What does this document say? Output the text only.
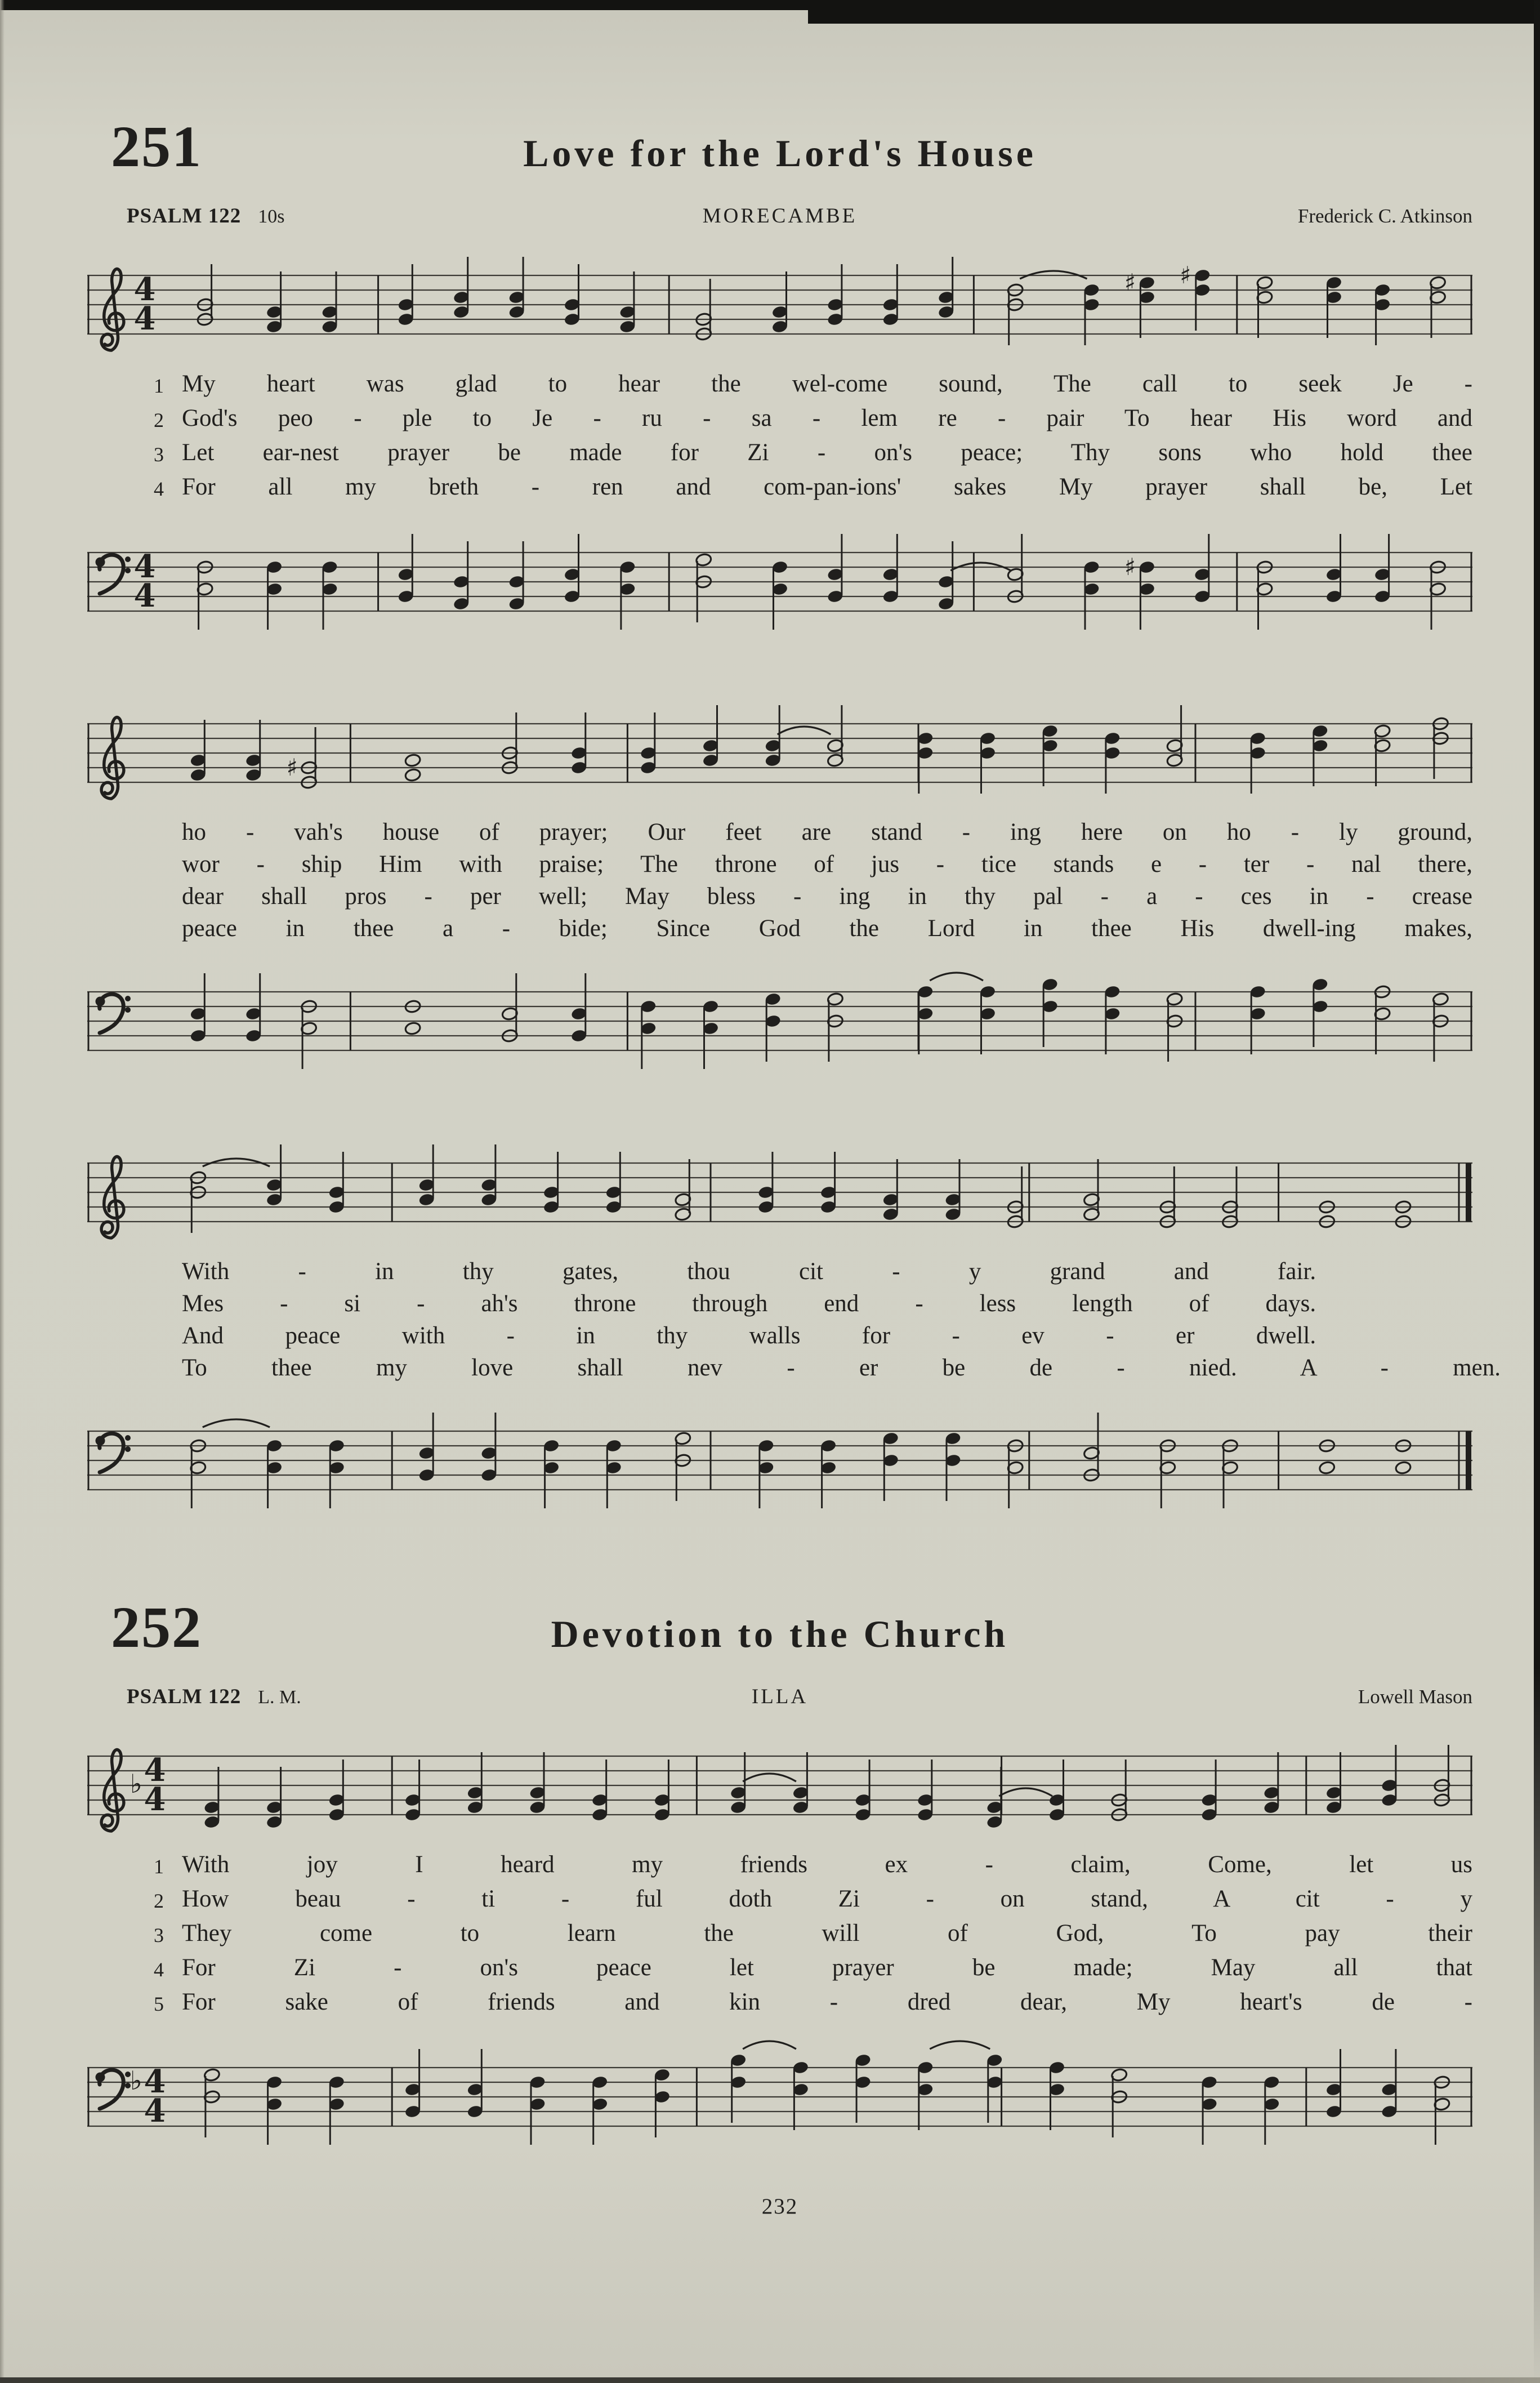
251	Love for the Lord's House
PSALM 122 10s	MORECAMBE	Frederick C. Atkinson
4
4
♯ ♯
1 My heart was glad to hear the wel-come sound, The call to seek Je -
2 God's peo - ple to Je - ru - sa - lem re - pair To hear His word and
3 Let ear-nest prayer be made for Zi - on's peace; Thy sons who hold thee
4 For all my breth - ren and com-pan-ions' sakes My prayer shall be, Let
4
4
♯
♯
ho - vah's house of prayer; Our feet are stand - ing here on ho - ly ground,
wor - ship Him with praise; The throne of jus - tice stands e - ter - nal there,
dear shall pros - per well; May bless - ing in thy pal - a - ces in - crease
peace in thee a - bide; Since God the Lord in thee His dwell-ing makes,
With - in thy gates, thou cit - y grand and fair.
Mes - si - ah's throne through end - less length of days.
And peace with - in thy walls for - ev - er dwell.
To thee my love shall nev - er be de - nied. A - men.
252	Devotion to the Church
PSALM 122 L. M.	ILLA	Lowell Mason
♭ 4
4
1 With joy I heard my friends ex - claim, Come, let us
2 How beau - ti - ful doth Zi - on stand, A cit - y
3 They come to learn the will of God, To pay their
4 For Zi - on's peace let prayer be made; May all that
5 For sake of friends and kin - dred dear, My heart's de -
♭ 4
4
232
